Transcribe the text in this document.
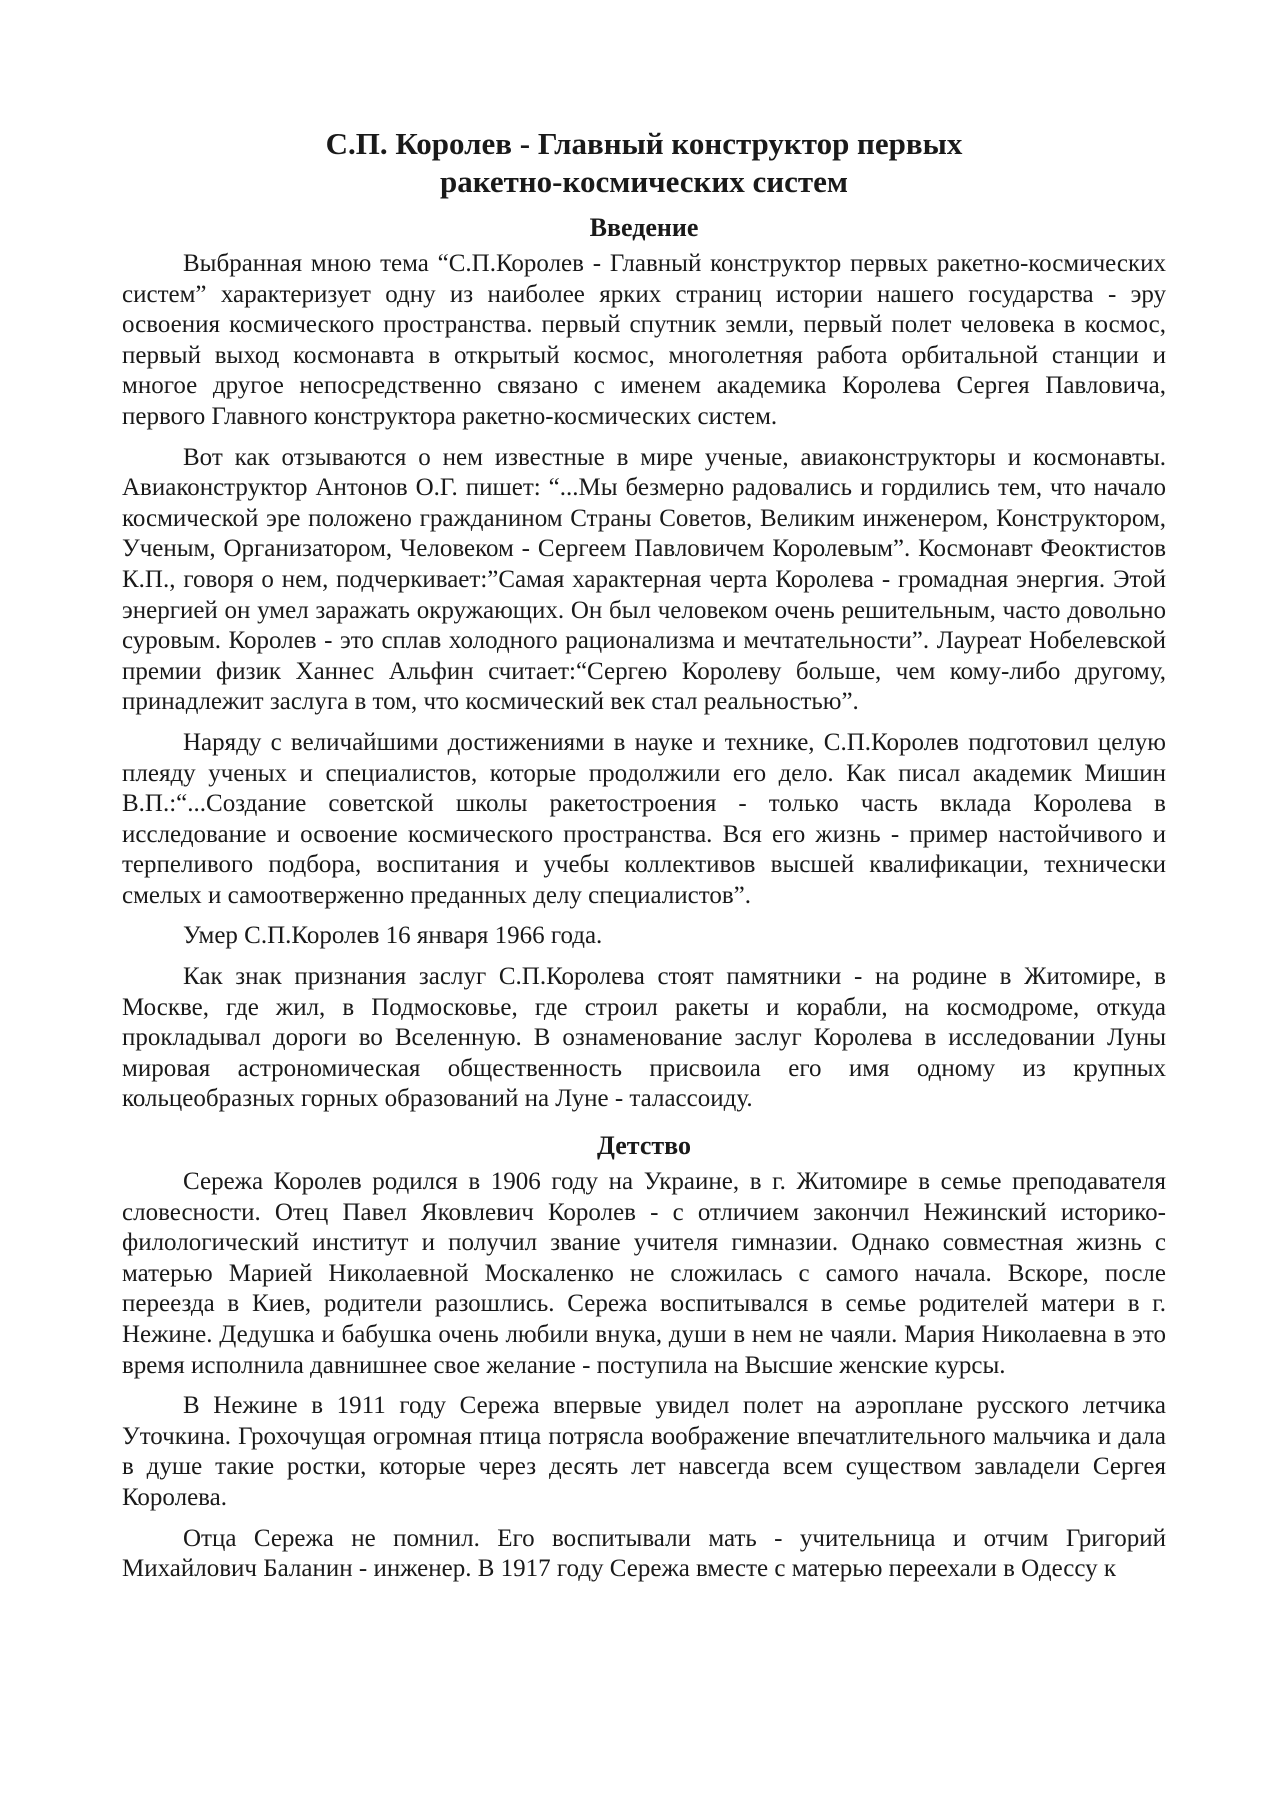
С.П. Королев - Главный конструктор первых
ракетно-космических систем
Введение

Выбранная мною тема “С.П.Королев - Главный конструктор первых ракетно-космических систем” характеризует одну из наиболее ярких страниц истории нашего государства - эру освоения космического пространства. первый спутник земли, первый полет человека в космос, первый выход космонавта в открытый космос, многолетняя работа орбитальной станции и многое другое непосредственно связано с именем академика Королева Сергея Павловича, первого Главного конструктора ракетно-космических систем.

Вот как отзываются о нем известные в мире ученые, авиаконструкторы и космонавты. Авиаконструктор Антонов О.Г. пишет: “...Мы безмерно радовались и гордились тем, что начало космической эре положено гражданином Страны Советов, Великим инженером, Конструктором, Ученым, Организатором, Человеком - Сергеем Павловичем Королевым”. Космонавт Феоктистов К.П., говоря о нем, подчеркивает:”Самая характерная черта Королева - громадная энергия. Этой энергией он умел заражать окружающих. Он был человеком очень решительным, часто довольно суровым. Королев - это сплав холодного рационализма и мечтательности”. Лауреат Нобелевской премии физик Ханнес Альфин считает:“Сергею Королеву больше, чем кому-либо другому, принадлежит заслуга в том, что космический век стал реальностью”.

Наряду с величайшими достижениями в науке и технике, С.П.Королев подготовил целую плеяду ученых и специалистов, которые продолжили его дело. Как писал академик Мишин В.П.:“...Создание советской школы ракетостроения - только часть вклада Королева в исследование и освоение космического пространства. Вся его жизнь - пример настойчивого и терпеливого подбора, воспитания и учебы коллективов высшей квалификации, технически смелых и самоотверженно преданных делу специалистов”.

Умер С.П.Королев 16 января 1966 года.

Как знак признания заслуг С.П.Королева стоят памятники - на родине в Житомире, в Москве, где жил, в Подмосковье, где строил ракеты и корабли, на космодроме, откуда прокладывал дороги во Вселенную. В ознаменование заслуг Королева в исследовании Луны мировая астрономическая общественность присвоила его имя одному из крупных кольцеобразных горных образований на Луне - талассоиду.

Детство

Сережа Королев родился в 1906 году на Украине, в г. Житомире в семье преподавателя словесности. Отец Павел Яковлевич Королев - с отличием закончил Нежинский историко-филологический институт и получил звание учителя гимназии. Однако совместная жизнь с матерью Марией Николаевной Москаленко не сложилась с самого начала. Вскоре, после переезда в Киев, родители разошлись. Сережа воспитывался в семье родителей матери в г. Нежине. Дедушка и бабушка очень любили внука, души в нем не чаяли. Мария Николаевна в это время исполнила давнишнее свое желание - поступила на Высшие женские курсы.

В Нежине в 1911 году Сережа впервые увидел полет на аэроплане русского летчика Уточкина. Грохочущая огромная птица потрясла воображение впечатлительного мальчика и дала в душе такие ростки, которые через десять лет навсегда всем существом завладели Сергея Королева.

Отца Сережа не помнил. Его воспитывали мать - учительница и отчим Григорий Михайлович Баланин - инженер. В 1917 году Сережа вместе с матерью переехали в Одессу к
